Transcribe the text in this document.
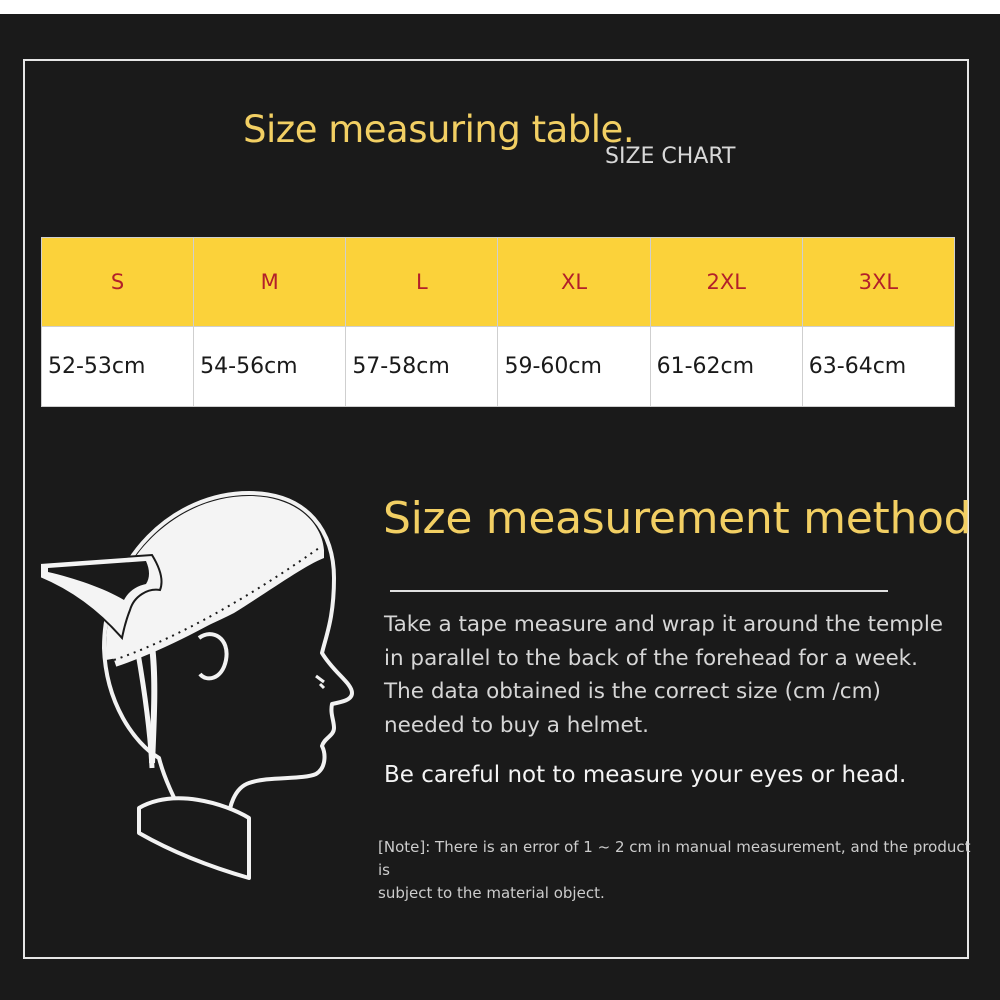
Size measuring table.
SIZE CHART
S	M	L	XL	2XL	3XL
52-53cm	54-56cm	57-58cm	59-60cm	61-62cm	63-64cm
Size measurement method

Take a tape measure and wrap it around the temple
in parallel to the back of the forehead for a week.
The data obtained is the correct size (cm /cm)
needed to buy a helmet.

Be careful not to measure your eyes or head.

[Note]: There is an error of 1 ~ 2 cm in manual measurement, and the product is
subject to the material object.
